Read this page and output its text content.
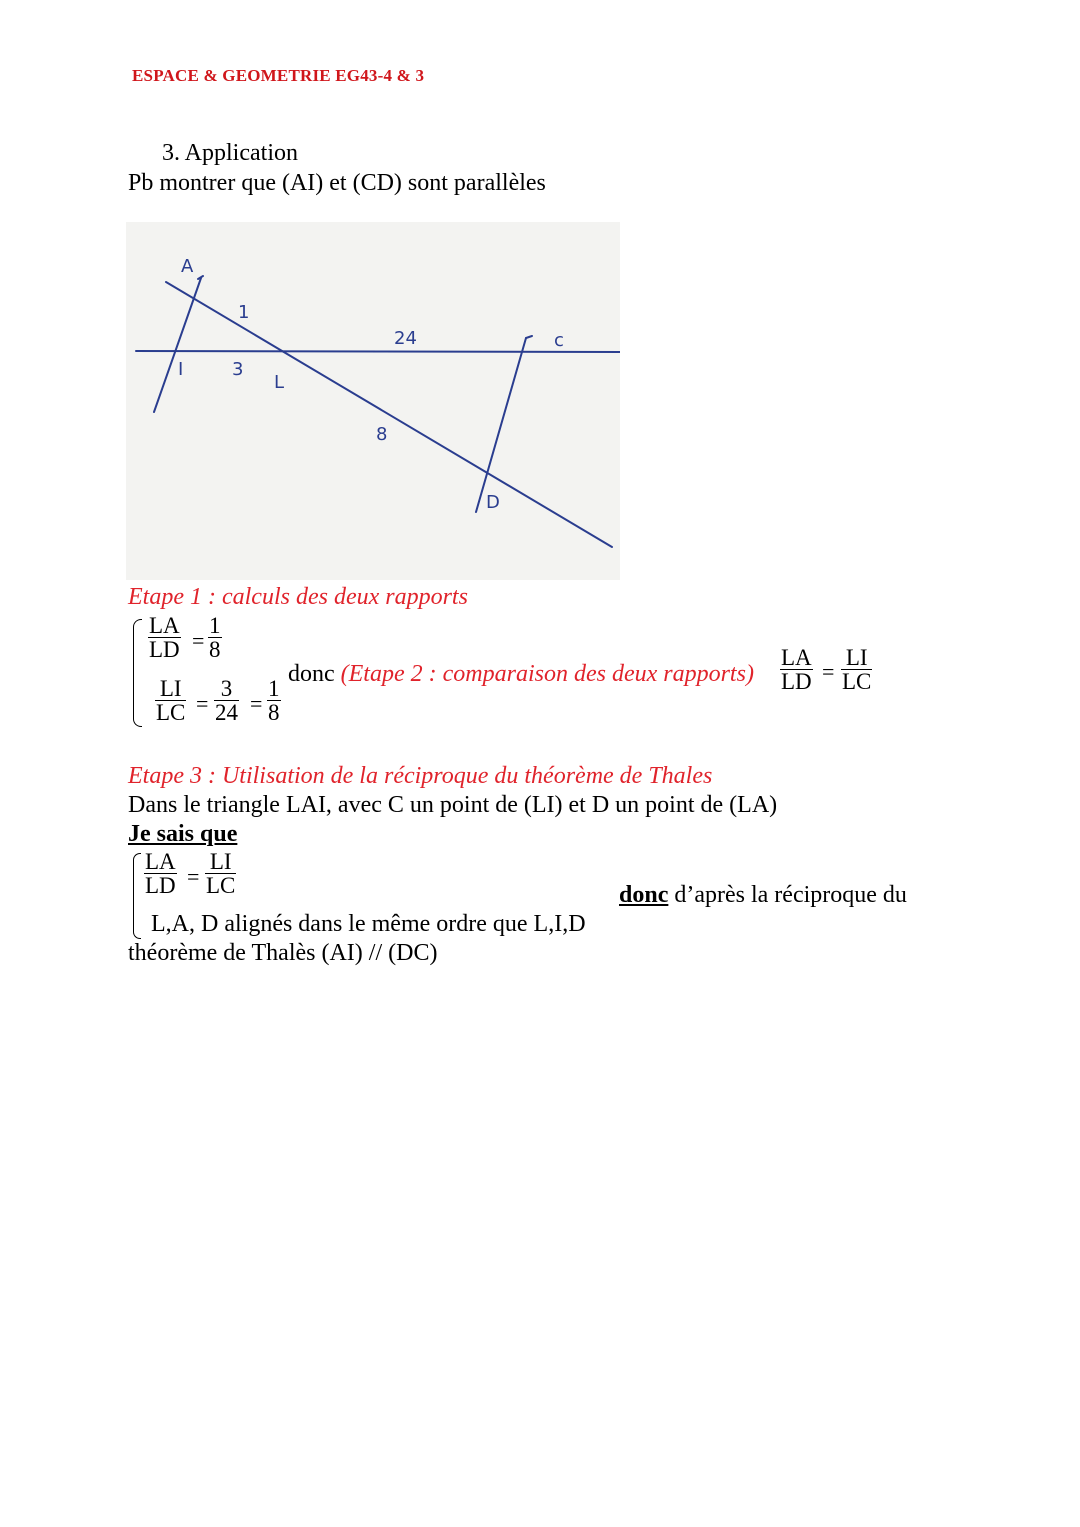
ESPACE & GEOMETRIE EG43-4 & 3
3. Application
Pb montrer que (AI) et (CD) sont parallèles
A
1
24	c
I	3
L
8
D
Etape 1 : calculs des deux rapports
$\frac{LA}{LD} = \frac{1}{8}$
$\frac{LI}{LC} = \frac{3}{24} = \frac{1}{8}$
donc (Etape 2 : comparaison des deux rapports) $\frac{LA}{LD} = \frac{LI}{LC}$
Etape 3 : Utilisation de la réciproque du théorème de Thales
Dans le triangle LAI, avec C un point de (LI) et D un point de (LA)
Je sais que
$\frac{LA}{LD} = \frac{LI}{LC}$	donc d’après la réciproque du
L,A, D alignés dans le même ordre que L,I,D
théorème de Thalès (AI) // (DC)
